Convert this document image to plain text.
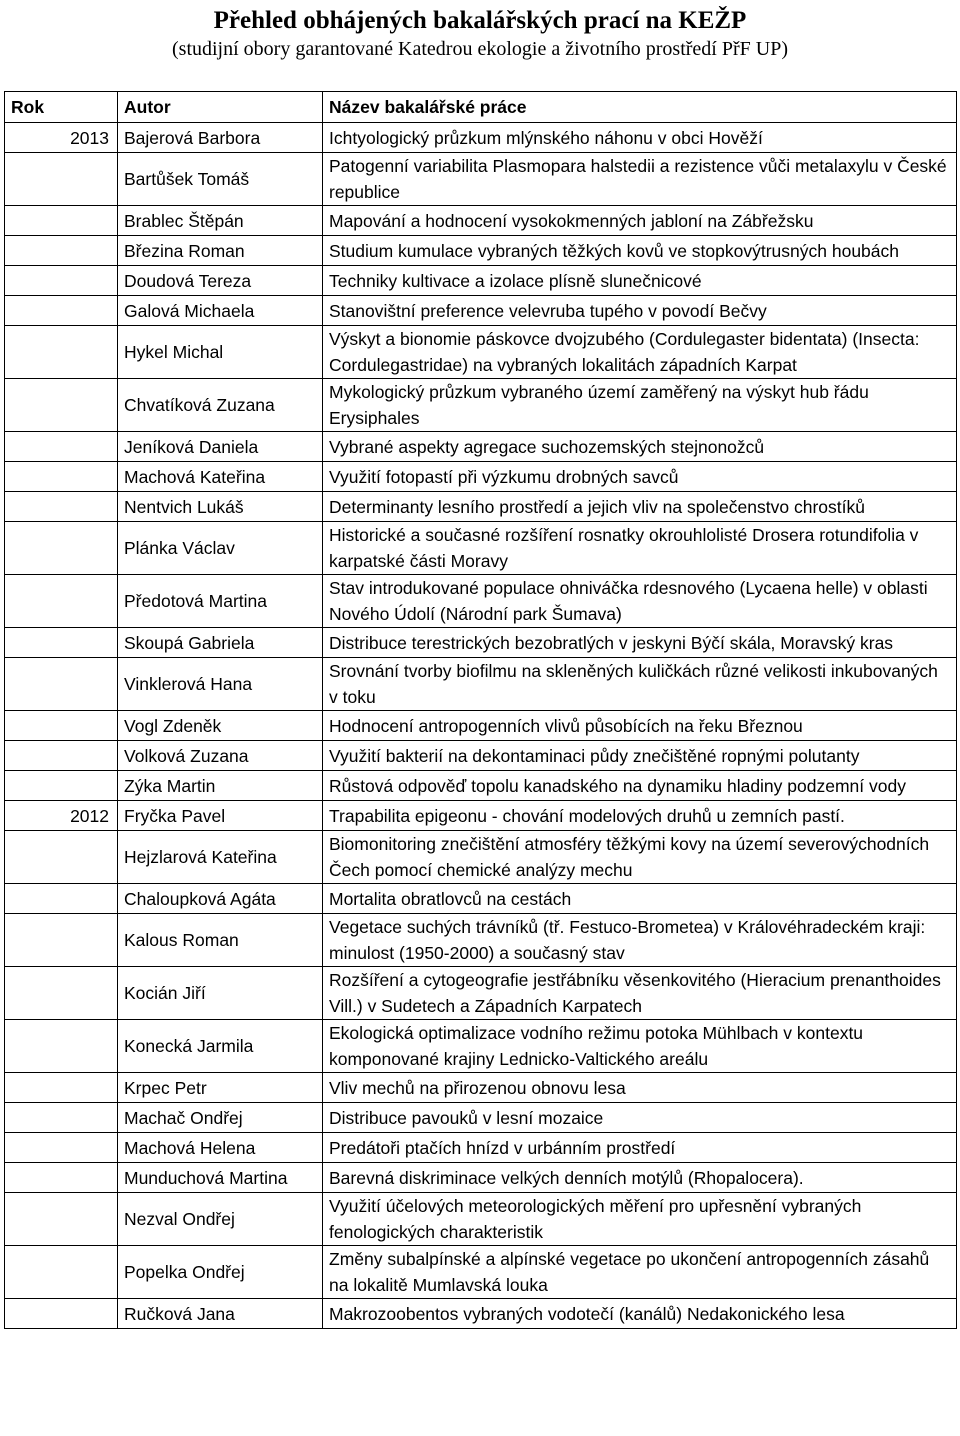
Přehled obhájených bakalářských prací na KEŽP
(studijní obory garantované Katedrou ekologie a životního prostředí PřF UP)
Rok	Autor	Název bakalářské práce
2013	Bajerová Barbora	Ichtyologický průzkum mlýnského náhonu v obci Hověží
	Bartůšek Tomáš	Patogenní variabilita Plasmopara halstedii a rezistence vůči metalaxylu v České republice
	Brablec Štěpán	Mapování a hodnocení vysokokmenných jabloní na Zábřežsku
	Březina Roman	Studium kumulace vybraných těžkých kovů ve stopkovýtrusných houbách
	Doudová Tereza	Techniky kultivace a izolace plísně slunečnicové
	Galová Michaela	Stanovištní preference velevruba tupého v povodí Bečvy
	Hykel Michal	Výskyt a bionomie páskovce dvojzubého (Cordulegaster bidentata) (Insecta: Cordulegastridae) na vybraných lokalitách západních Karpat
	Chvatíková Zuzana	Mykologický průzkum vybraného území zaměřený na výskyt hub řádu Erysiphales
	Jeníková Daniela	Vybrané aspekty agregace suchozemských stejnonožců
	Machová Kateřina	Využití fotopastí při výzkumu drobných savců
	Nentvich Lukáš	Determinanty lesního prostředí a jejich vliv na společenstvo chrostíků
	Plánka Václav	Historické a současné rozšíření rosnatky okrouhlolisté Drosera rotundifolia v karpatské části Moravy
	Předotová Martina	Stav introdukované populace ohniváčka rdesnového (Lycaena helle) v oblasti Nového Údolí (Národní park Šumava)
	Skoupá Gabriela	Distribuce terestrických bezobratlých v jeskyni Býčí skála, Moravský kras
	Vinklerová Hana	Srovnání tvorby biofilmu na skleněných kuličkách různé velikosti inkubovaných v toku
	Vogl Zdeněk	Hodnocení antropogenních vlivů působících na řeku Březnou
	Volková Zuzana	Využití bakterií na dekontaminaci půdy znečištěné ropnými polutanty
	Zýka Martin	Růstová odpověď topolu kanadského na dynamiku hladiny podzemní vody
2012	Fryčka Pavel	Trapabilita epigeonu - chování modelových druhů u zemních pastí.
	Hejzlarová Kateřina	Biomonitoring znečištění atmosféry těžkými kovy na území severovýchodních Čech pomocí chemické analýzy mechu
	Chaloupková Agáta	Mortalita obratlovců na cestách
	Kalous Roman	Vegetace suchých trávníků (tř. Festuco-Brometea) v Královéhradeckém kraji: minulost (1950-2000) a současný stav
	Kocián Jiří	Rozšíření a cytogeografie jestřábníku věsenkovitého (Hieracium prenanthoides Vill.) v Sudetech a Západních Karpatech
	Konecká Jarmila	Ekologická optimalizace vodního režimu potoka Mühlbach v kontextu komponované krajiny Lednicko-Valtického areálu
	Krpec Petr	Vliv mechů na přirozenou obnovu lesa
	Machač Ondřej	Distribuce pavouků v lesní mozaice
	Machová Helena	Predátoři ptačích hnízd v urbánním prostředí
	Munduchová Martina	Barevná diskriminace velkých denních motýlů (Rhopalocera).
	Nezval Ondřej	Využití účelových meteorologických měření pro upřesnění vybraných fenologických charakteristik
	Popelka Ondřej	Změny subalpínské a alpínské vegetace po ukončení antropogenních zásahů na lokalitě Mumlavská louka
	Ručková Jana	Makrozoobentos vybraných vodotečí (kanálů) Nedakonického lesa
